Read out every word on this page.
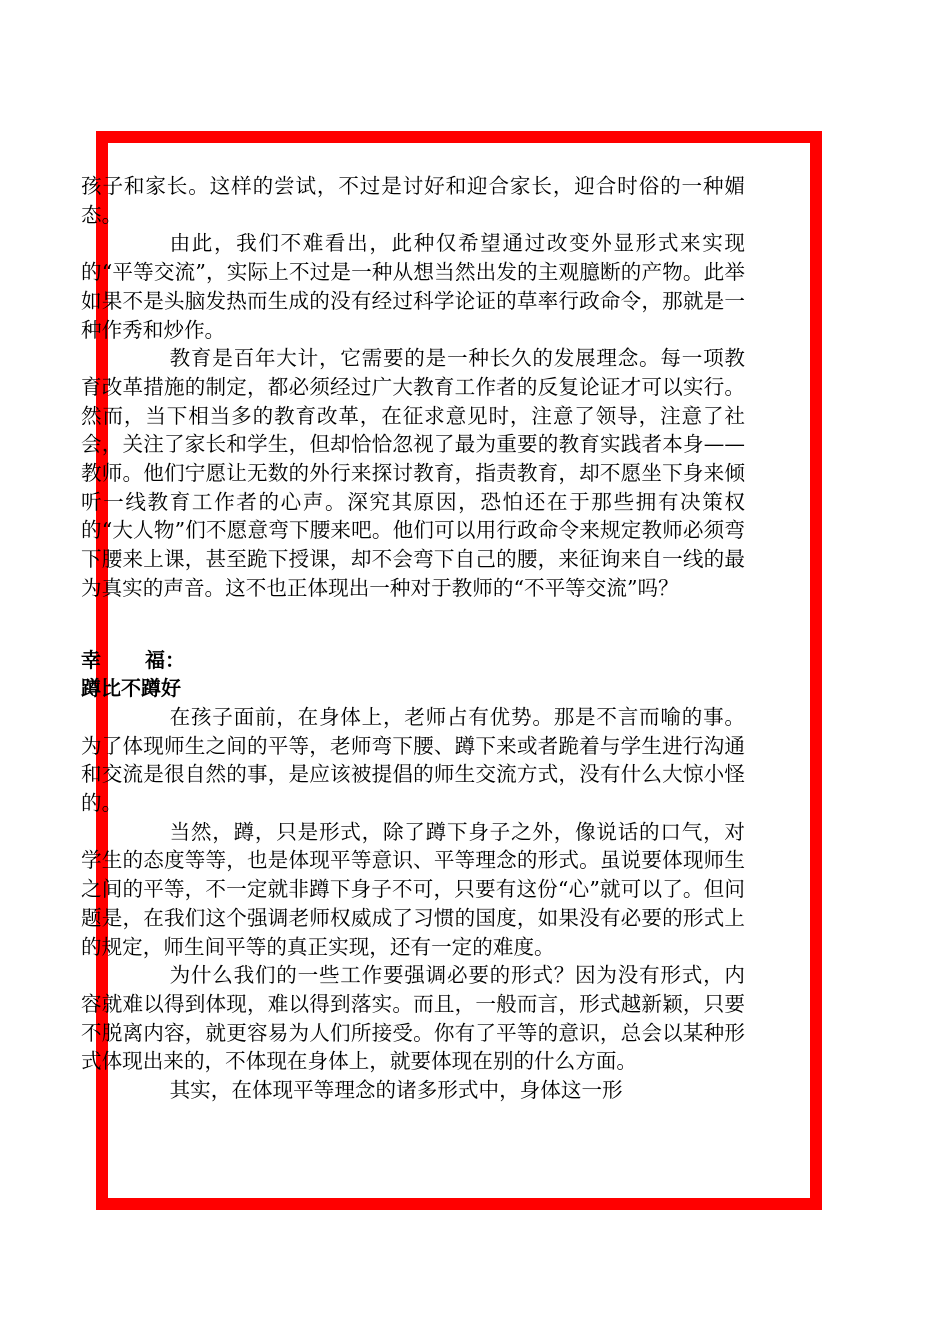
孩子和家长。这样的尝试，不过是讨好和迎合家长，迎合时俗的一种媚态。

由此，我们不难看出，此种仅希望通过改变外显形式来实现的“平等交流”，实际上不过是一种从想当然出发的主观臆断的产物。此举如果不是头脑发热而生成的没有经过科学论证的草率行政命令，那就是一种作秀和炒作。

教育是百年大计，它需要的是一种长久的发展理念。每一项教育改革措施的制定，都必须经过广大教育工作者的反复论证才可以实行。然而，当下相当多的教育改革，在征求意见时，注意了领导，注意了社会，关注了家长和学生，但却恰恰忽视了最为重要的教育实践者本身——教师。他们宁愿让无数的外行来探讨教育，指责教育，却不愿坐下身来倾听一线教育工作者的心声。深究其原因，恐怕还在于那些拥有决策权的“大人物”们不愿意弯下腰来吧。他们可以用行政命令来规定教师必须弯下腰来上课，甚至跪下授课，却不会弯下自己的腰，来征询来自一线的最为真实的声音。这不也正体现出一种对于教师的“不平等交流”吗？

幸 福：
蹲比不蹲好

在孩子面前，在身体上，老师占有优势。那是不言而喻的事。为了体现师生之间的平等，老师弯下腰、蹲下来或者跪着与学生进行沟通和交流是很自然的事，是应该被提倡的师生交流方式，没有什么大惊小怪的。

当然，蹲，只是形式，除了蹲下身子之外，像说话的口气，对学生的态度等等，也是体现平等意识、平等理念的形式。虽说要体现师生之间的平等，不一定就非蹲下身子不可，只要有这份“心”就可以了。但问题是，在我们这个强调老师权威成了习惯的国度，如果没有必要的形式上的规定，师生间平等的真正实现，还有一定的难度。

为什么我们的一些工作要强调必要的形式？因为没有形式，内容就难以得到体现，难以得到落实。而且，一般而言，形式越新颖，只要不脱离内容，就更容易为人们所接受。你有了平等的意识，总会以某种形式体现出来的，不体现在身体上，就要体现在别的什么方面。

其实，在体现平等理念的诸多形式中，身体这一形
